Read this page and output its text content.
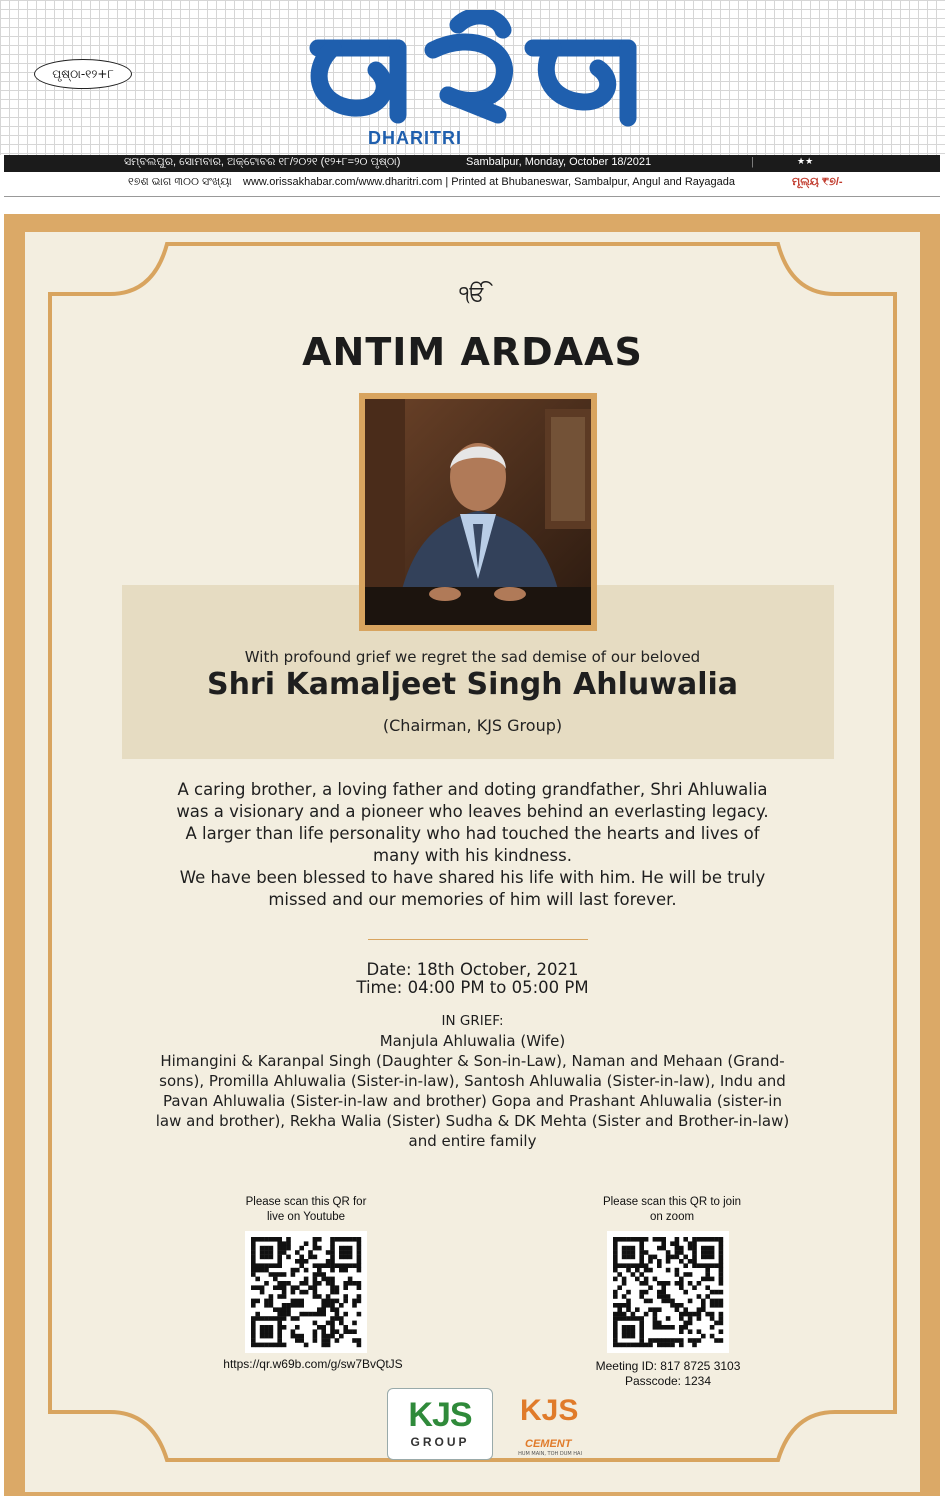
ପୃଷ୍ଠା-୧୨+୮
DHARITRI
ସମ୍ବଲପୁର, ସୋମବାର, ଅକ୍ଟୋବର ୧୮/୨୦୨୧ (୧୨+୮=୨୦ ପୃଷ୍ଠା)	Sambalpur, Monday, October 18/2021	|	★★
୧୭ଶ ଭାଗ ୩୦୦ ସଂଖ୍ୟା www.orissakhabar.com/www.dharitri.com | Printed at Bhubaneswar, Sambalpur, Angul and Rayagada	ମୂଲ୍ୟ ₹୭/-
ੴ
ANTIM ARDAAS
With profound grief we regret the sad demise of our beloved
Shri Kamaljeet Singh Ahluwalia
(Chairman, KJS Group)
A caring brother, a loving father and doting grandfather, Shri Ahluwalia
was a visionary and a pioneer who leaves behind an everlasting legacy.
A larger than life personality who had touched the hearts and lives of
many with his kindness.
We have been blessed to have shared his life with him. He will be truly
missed and our memories of him will last forever.
Date: 18th October, 2021
Time: 04:00 PM to 05:00 PM
IN GRIEF:
Manjula Ahluwalia (Wife)
Himangini & Karanpal Singh (Daughter & Son-in-Law), Naman and Mehaan (Grand-
sons), Promilla Ahluwalia (Sister-in-law), Santosh Ahluwalia (Sister-in-law), Indu and
Pavan Ahluwalia (Sister-in-law and brother) Gopa and Prashant Ahluwalia (sister-in
law and brother), Rekha Walia (Sister) Sudha & DK Mehta (Sister and Brother-in-law)
and entire family
Please scan this QR for
live on Youtube
https://qr.w69b.com/g/sw7BvQtJS
Please scan this QR to join
on zoom
Meeting ID: 817 8725 3103
Passcode: 1234
KJS
GROUP
KJS
CEMENT
HUM MAIN, TOH DUM HAI
